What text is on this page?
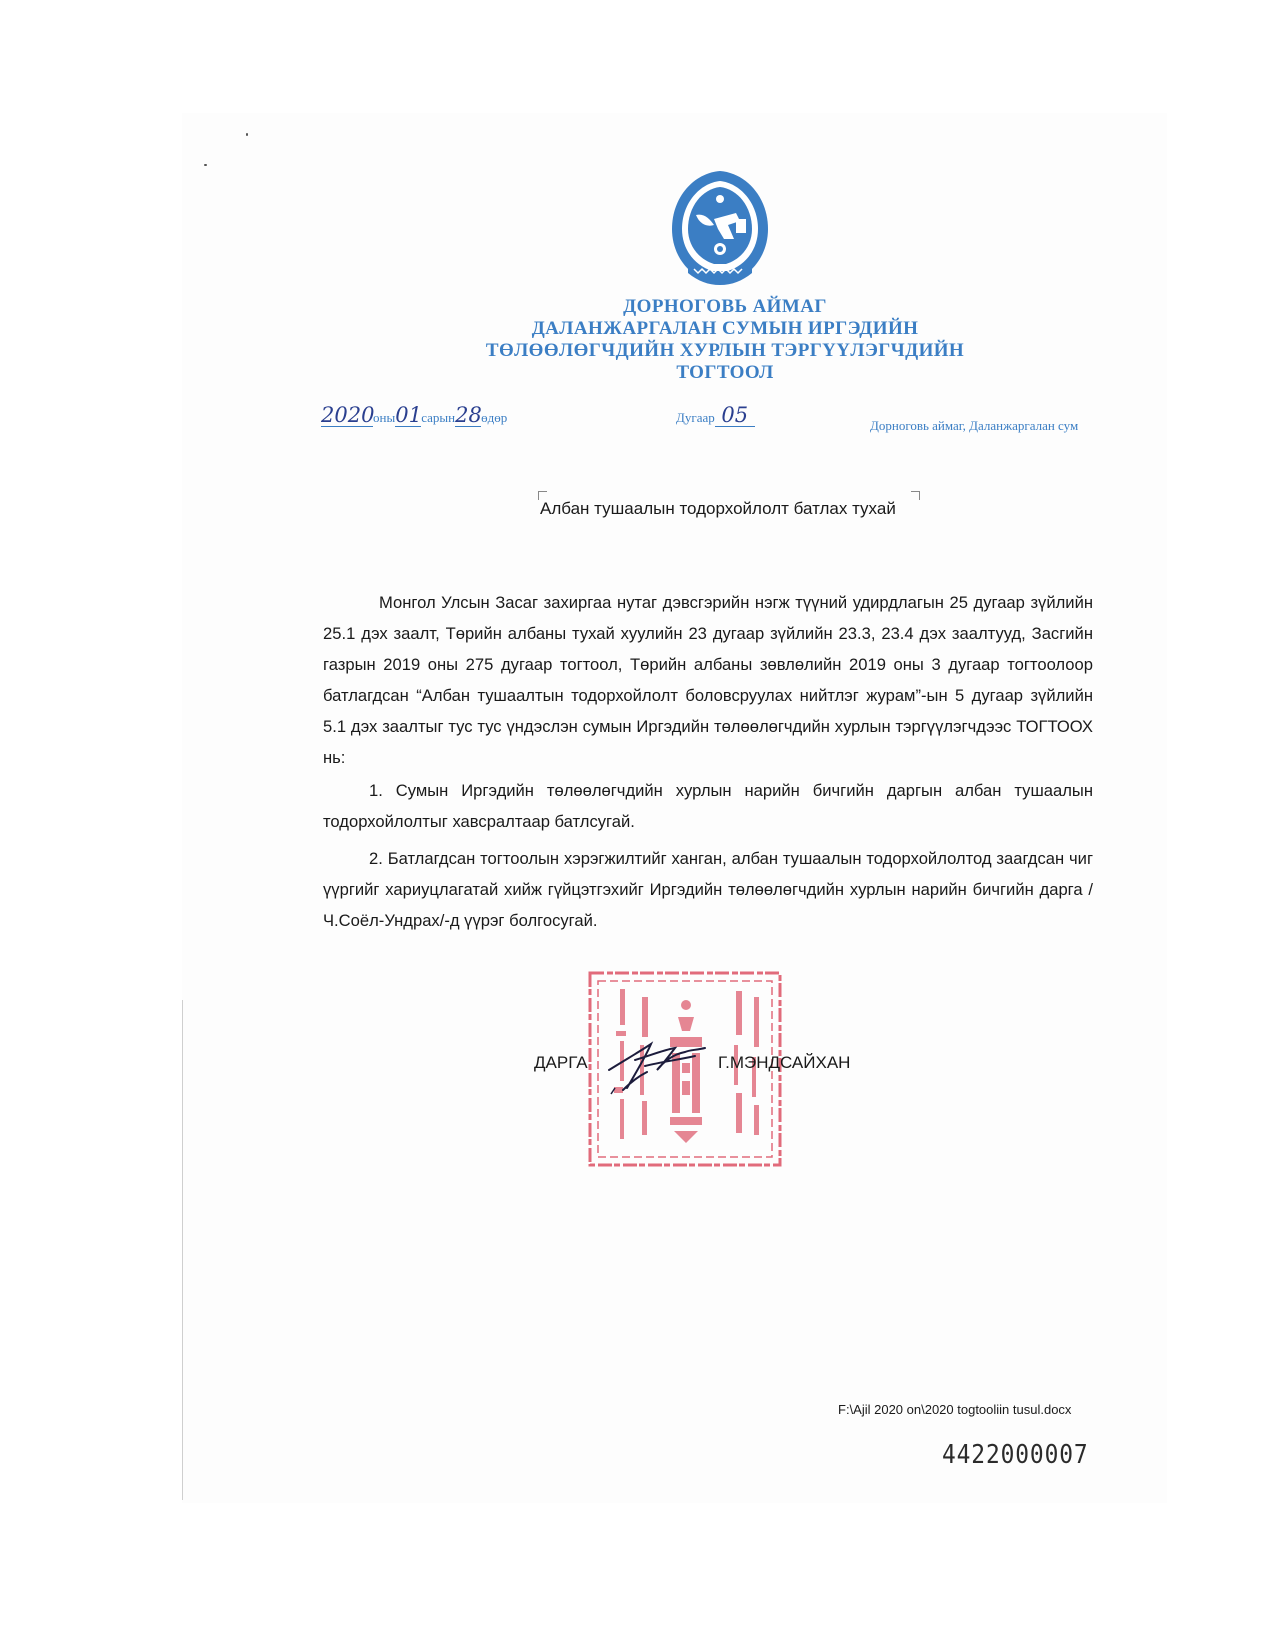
ДОРНОГОВЬ АЙМАГ
ДАЛАНЖАРГАЛАН СУМЫН ИРГЭДИЙН
ТӨЛӨӨЛӨГЧДИЙН ХУРЛЫН ТЭРГҮҮЛЭГЧДИЙН
ТОГТООЛ
2020оны01сарын28өдөр	Дугаар 05	Дорноговь аймаг, Даланжаргалан сум
Албан тушаалын тодорхойлолт батлах тухай

Монгол Улсын Засаг захиргаа нутаг дэвсгэрийн нэгж түүний удирдлагын 25 дугаар зүйлийн 25.1 дэх заалт, Төрийн албаны тухай хуулийн 23 дугаар зүйлийн 23.3, 23.4 дэх заалтууд, Засгийн газрын 2019 оны 275 дугаар тогтоол, Төрийн албаны зөвлөлийн 2019 оны 3 дугаар тогтоолоор батлагдсан “Албан тушаалтын тодорхойлолт боловсруулах нийтлэг журам”-ын 5 дугаар зүйлийн 5.1 дэх заалтыг тус тус үндэслэн сумын Иргэдийн төлөөлөгчдийн хурлын тэргүүлэгчдээс ТОГТООХ нь:

1. Сумын Иргэдийн төлөөлөгчдийн хурлын нарийн бичгийн даргын албан тушаалын тодорхойлолтыг хавсралтаар батлсугай.

2. Батлагдсан тогтоолын хэрэгжилтийг ханган, албан тушаалын тодорхойлолтод заагдсан чиг үүргийг хариуцлагатай хийж гүйцэтгэхийг Иргэдийн төлөөлөгчдийн хурлын нарийн бичгийн дарга / Ч.Соёл-Ундрах/-д үүрэг болгосугай.

ДАРГА	Г.МЭНДСАЙХАН
F:\Ajil 2020 on\2020 togtooliin tusul.docx
4422000007
